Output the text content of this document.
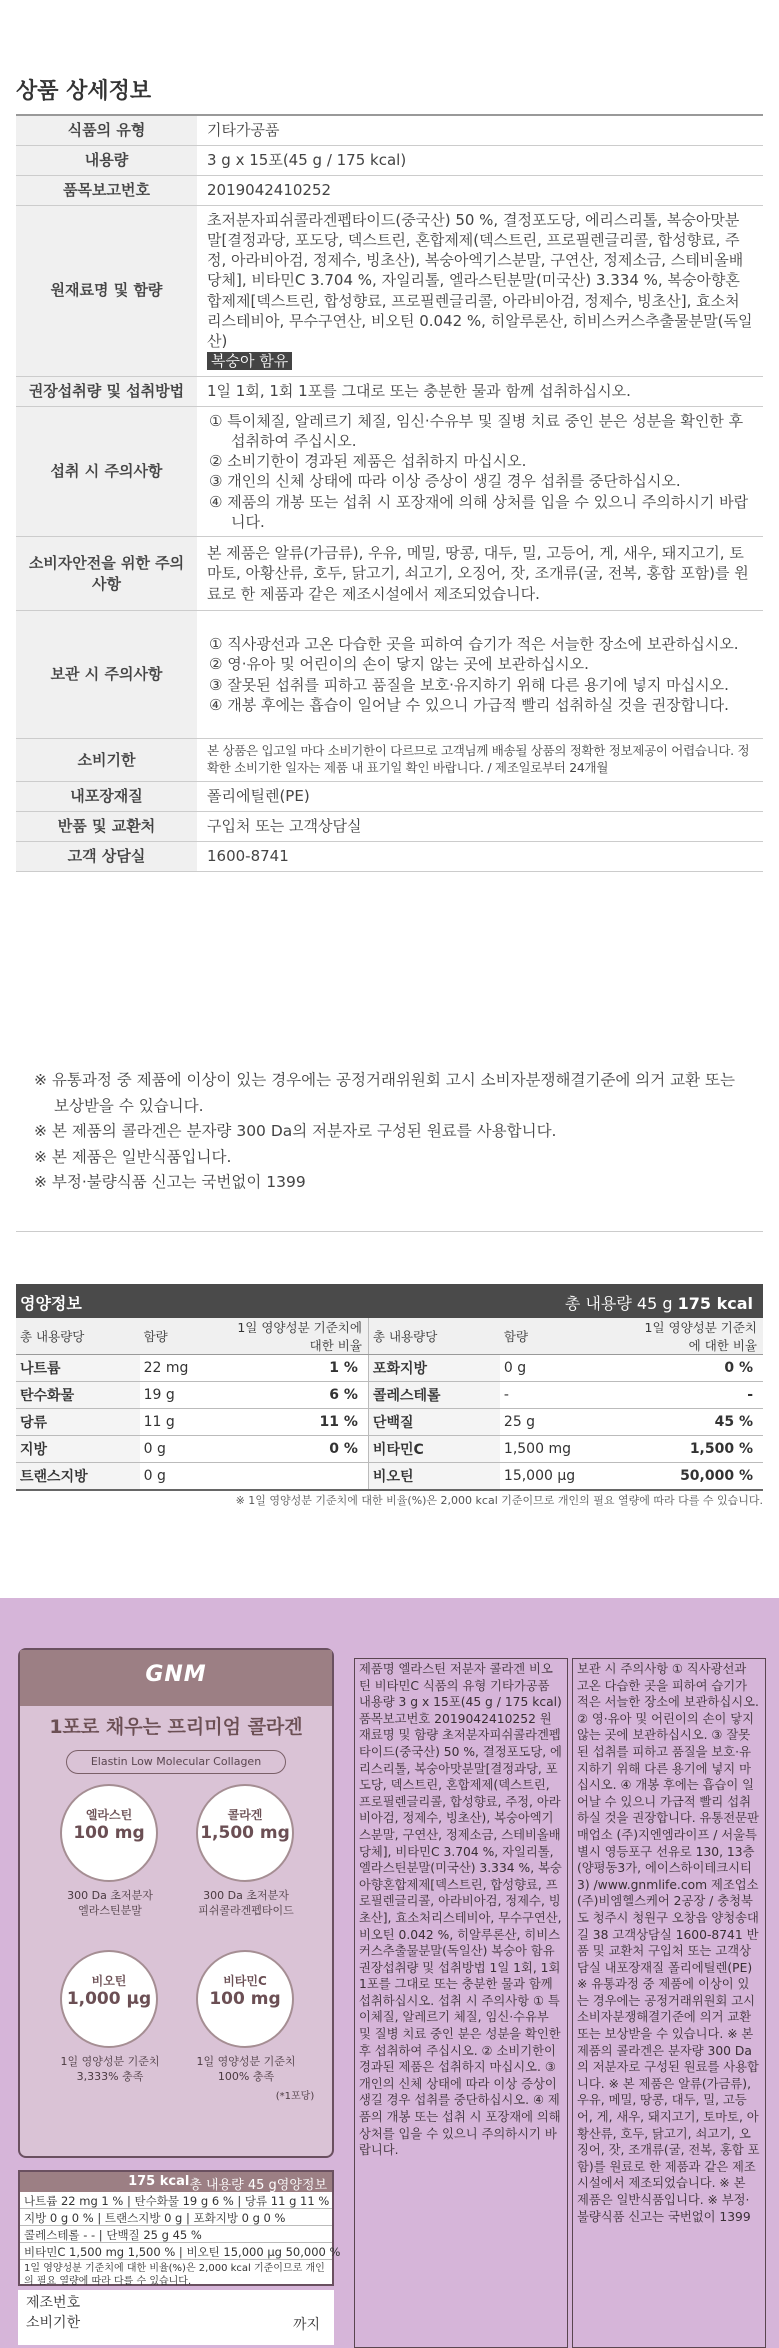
상품 상세정보
식품의 유형	기타가공품

내용량	3 g x 15포(45 g / 175 kcal)

품목보고번호	2019042410252

원재료명 및 함량	초저분자피쉬콜라겐펩타이드(중국산) 50 %, 결정포도당, 에리스리톨, 복숭아맛분말[결정과당, 포도당, 덱스트린, 혼합제제(덱스트린, 프로필렌글리콜, 합성향료, 주정, 아라비아검, 정제수, 빙초산), 복숭아엑기스분말, 구연산, 정제소금, 스테비올배당체], 비타민C 3.704 %, 자일리톨, 엘라스틴분말(미국산) 3.334 %, 복숭아향혼합제제[덱스트린, 합성향료, 프로필렌글리콜, 아라비아검, 정제수, 빙초산], 효소처리스테비아, 무수구연산, 비오틴 0.042 %, 히알루론산, 히비스커스추출물분말(독일산)
복숭아 함유
권장섭취량 및 섭취방법	1일 1회, 1회 1포를 그대로 또는 충분한 물과 함께 섭취하십시오.

섭취 시 주의사항	① 특이체질, 알레르기 체질, 임신·수유부 및 질병 치료 중인 분은 성분을 확인한 후 섭취하여 주십시오.
② 소비기한이 경과된 제품은 섭취하지 마십시오.
③ 개인의 신체 상태에 따라 이상 증상이 생길 경우 섭취를 중단하십시오.
④ 제품의 개봉 또는 섭취 시 포장재에 의해 상처를 입을 수 있으니 주의하시기 바랍니다.

소비자안전을 위한 주의사항	본 제품은 알류(가금류), 우유, 메밀, 땅콩, 대두, 밀, 고등어, 게, 새우, 돼지고기, 토마토, 아황산류, 호두, 닭고기, 쇠고기, 오징어, 잣, 조개류(굴, 전복, 홍합 포함)를 원료로 한 제품과 같은 제조시설에서 제조되었습니다.

보관 시 주의사항	① 직사광선과 고온 다습한 곳을 피하여 습기가 적은 서늘한 장소에 보관하십시오.
② 영·유아 및 어린이의 손이 닿지 않는 곳에 보관하십시오.
③ 잘못된 섭취를 피하고 품질을 보호·유지하기 위해 다른 용기에 넣지 마십시오.
④ 개봉 후에는 흡습이 일어날 수 있으니 가급적 빨리 섭취하실 것을 권장합니다.

소비기한	본 상품은 입고일 마다 소비기한이 다르므로 고객님께 배송될 상품의 정확한 정보제공이 어렵습니다. 정확한 소비기한 일자는 제품 내 표기일 확인 바랍니다. / 제조일로부터 24개월

내포장재질	폴리에틸렌(PE)

반품 및 교환처	구입처 또는 고객상담실

고객 상담실	1600-8741
※ 유통과정 중 제품에 이상이 있는 경우에는 공정거래위원회 고시 소비자분쟁해결기준에 의거 교환 또는 보상받을 수 있습니다.
※ 본 제품의 콜라겐은 분자량 300 Da의 저분자로 구성된 원료를 사용합니다.
※ 본 제품은 일반식품입니다.
※ 부정·불량식품 신고는 국번없이 1399
영양정보	총 내용량 45 g 175 kcal
총 내용량당	함량	1일 영양성분 기준치에 대한 비율	총 내용량당	함량	1일 영양성분 기준치에 대한 비율
나트륨	22 mg	1 %	포화지방	0 g	0 %
탄수화물	19 g	6 %	콜레스테롤	-	-
당류	11 g	11 %	단백질	25 g	45 %
지방	0 g	0 %	비타민C	1,500 mg	1,500 %
트랜스지방	0 g		비오틴	15,000 μg	50,000 %
※ 1일 영양성분 기준치에 대한 비율(%)은 2,000 kcal 기준이므로 개인의 필요 열량에 따라 다를 수 있습니다.
GNM
1포로 채우는 프리미엄 콜라겐
Elastin Low Molecular Collagen
엘라스틴
100 mg
콜라겐
1,500 mg
300 Da 초저분자
엘라스틴분말
300 Da 초저분자
피쉬콜라겐펩타이드
비오틴
1,000 μg
비타민C
100 mg
1일 영양성분 기준치
3,333% 충족
1일 영양성분 기준치
100% 충족
(*1포당)
영양정보
총 내용량 45 g
175 kcal
나트륨 22 mg 1 % | 탄수화물 19 g 6 % | 당류 11 g 11 %
지방 0 g 0 % | 트랜스지방 0 g | 포화지방 0 g 0 %
콜레스테롤 - - | 단백질 25 g 45 %
비타민C 1,500 mg 1,500 % | 비오틴 15,000 μg 50,000 %
1일 영양성분 기준치에 대한 비율(%)은 2,000 kcal 기준이므로 개인의 필요 열량에 따라 다를 수 있습니다.
제조번호
소비기한	까지
제품명 엘라스틴 저분자 콜라겐 비오틴 비타민C 식품의 유형 기타가공품 내용량 3 g x 15포(45 g / 175 kcal) 품목보고번호 2019042410252 원재료명 및 함량 초저분자피쉬콜라겐펩타이드(중국산) 50 %, 결정포도당, 에리스리톨, 복숭아맛분말[결정과당, 포도당, 덱스트린, 혼합제제(덱스트린, 프로필렌글리콜, 합성향료, 주정, 아라비아검, 정제수, 빙초산), 복숭아엑기스분말, 구연산, 정제소금, 스테비올배당체], 비타민C 3.704 %, 자일리톨, 엘라스틴분말(미국산) 3.334 %, 복숭아향혼합제제[덱스트린, 합성향료, 프로필렌글리콜, 아라비아검, 정제수, 빙초산], 효소처리스테비아, 무수구연산, 비오틴 0.042 %, 히알루론산, 히비스커스추출물분말(독일산) 복숭아 함유 권장섭취량 및 섭취방법 1일 1회, 1회 1포를 그대로 또는 충분한 물과 함께 섭취하십시오. 섭취 시 주의사항 ① 특이체질, 알레르기 체질, 임신·수유부 및 질병 치료 중인 분은 성분을 확인한 후 섭취하여 주십시오. ② 소비기한이 경과된 제품은 섭취하지 마십시오. ③ 개인의 신체 상태에 따라 이상 증상이 생길 경우 섭취를 중단하십시오. ④ 제품의 개봉 또는 섭취 시 포장재에 의해 상처를 입을 수 있으니 주의하시기 바랍니다.
보관 시 주의사항 ① 직사광선과 고온 다습한 곳을 피하여 습기가 적은 서늘한 장소에 보관하십시오. ② 영·유아 및 어린이의 손이 닿지 않는 곳에 보관하십시오. ③ 잘못된 섭취를 피하고 품질을 보호·유지하기 위해 다른 용기에 넣지 마십시오. ④ 개봉 후에는 흡습이 일어날 수 있으니 가급적 빨리 섭취하실 것을 권장합니다. 유통전문판매업소 (주)지엔엠라이프 / 서울특별시 영등포구 선유로 130, 13층(양평동3가, 에이스하이테크시티3) /www.gnmlife.com 제조업소 (주)비엠헬스케어 2공장 / 충청북도 청주시 청원구 오창읍 양청송대길 38 고객상담실 1600-8741 반품 및 교환처 구입처 또는 고객상담실 내포장재질 폴리에틸렌(PE) ※ 유통과정 중 제품에 이상이 있는 경우에는 공정거래위원회 고시 소비자분쟁해결기준에 의거 교환 또는 보상받을 수 있습니다. ※ 본 제품의 콜라겐은 분자량 300 Da의 저분자로 구성된 원료를 사용합니다. ※ 본 제품은 알류(가금류), 우유, 메밀, 땅콩, 대두, 밀, 고등어, 게, 새우, 돼지고기, 토마토, 아황산류, 호두, 닭고기, 쇠고기, 오징어, 잣, 조개류(굴, 전복, 홍합 포함)를 원료로 한 제품과 같은 제조시설에서 제조되었습니다. ※ 본 제품은 일반식품입니다. ※ 부정·불량식품 신고는 국번없이 1399
